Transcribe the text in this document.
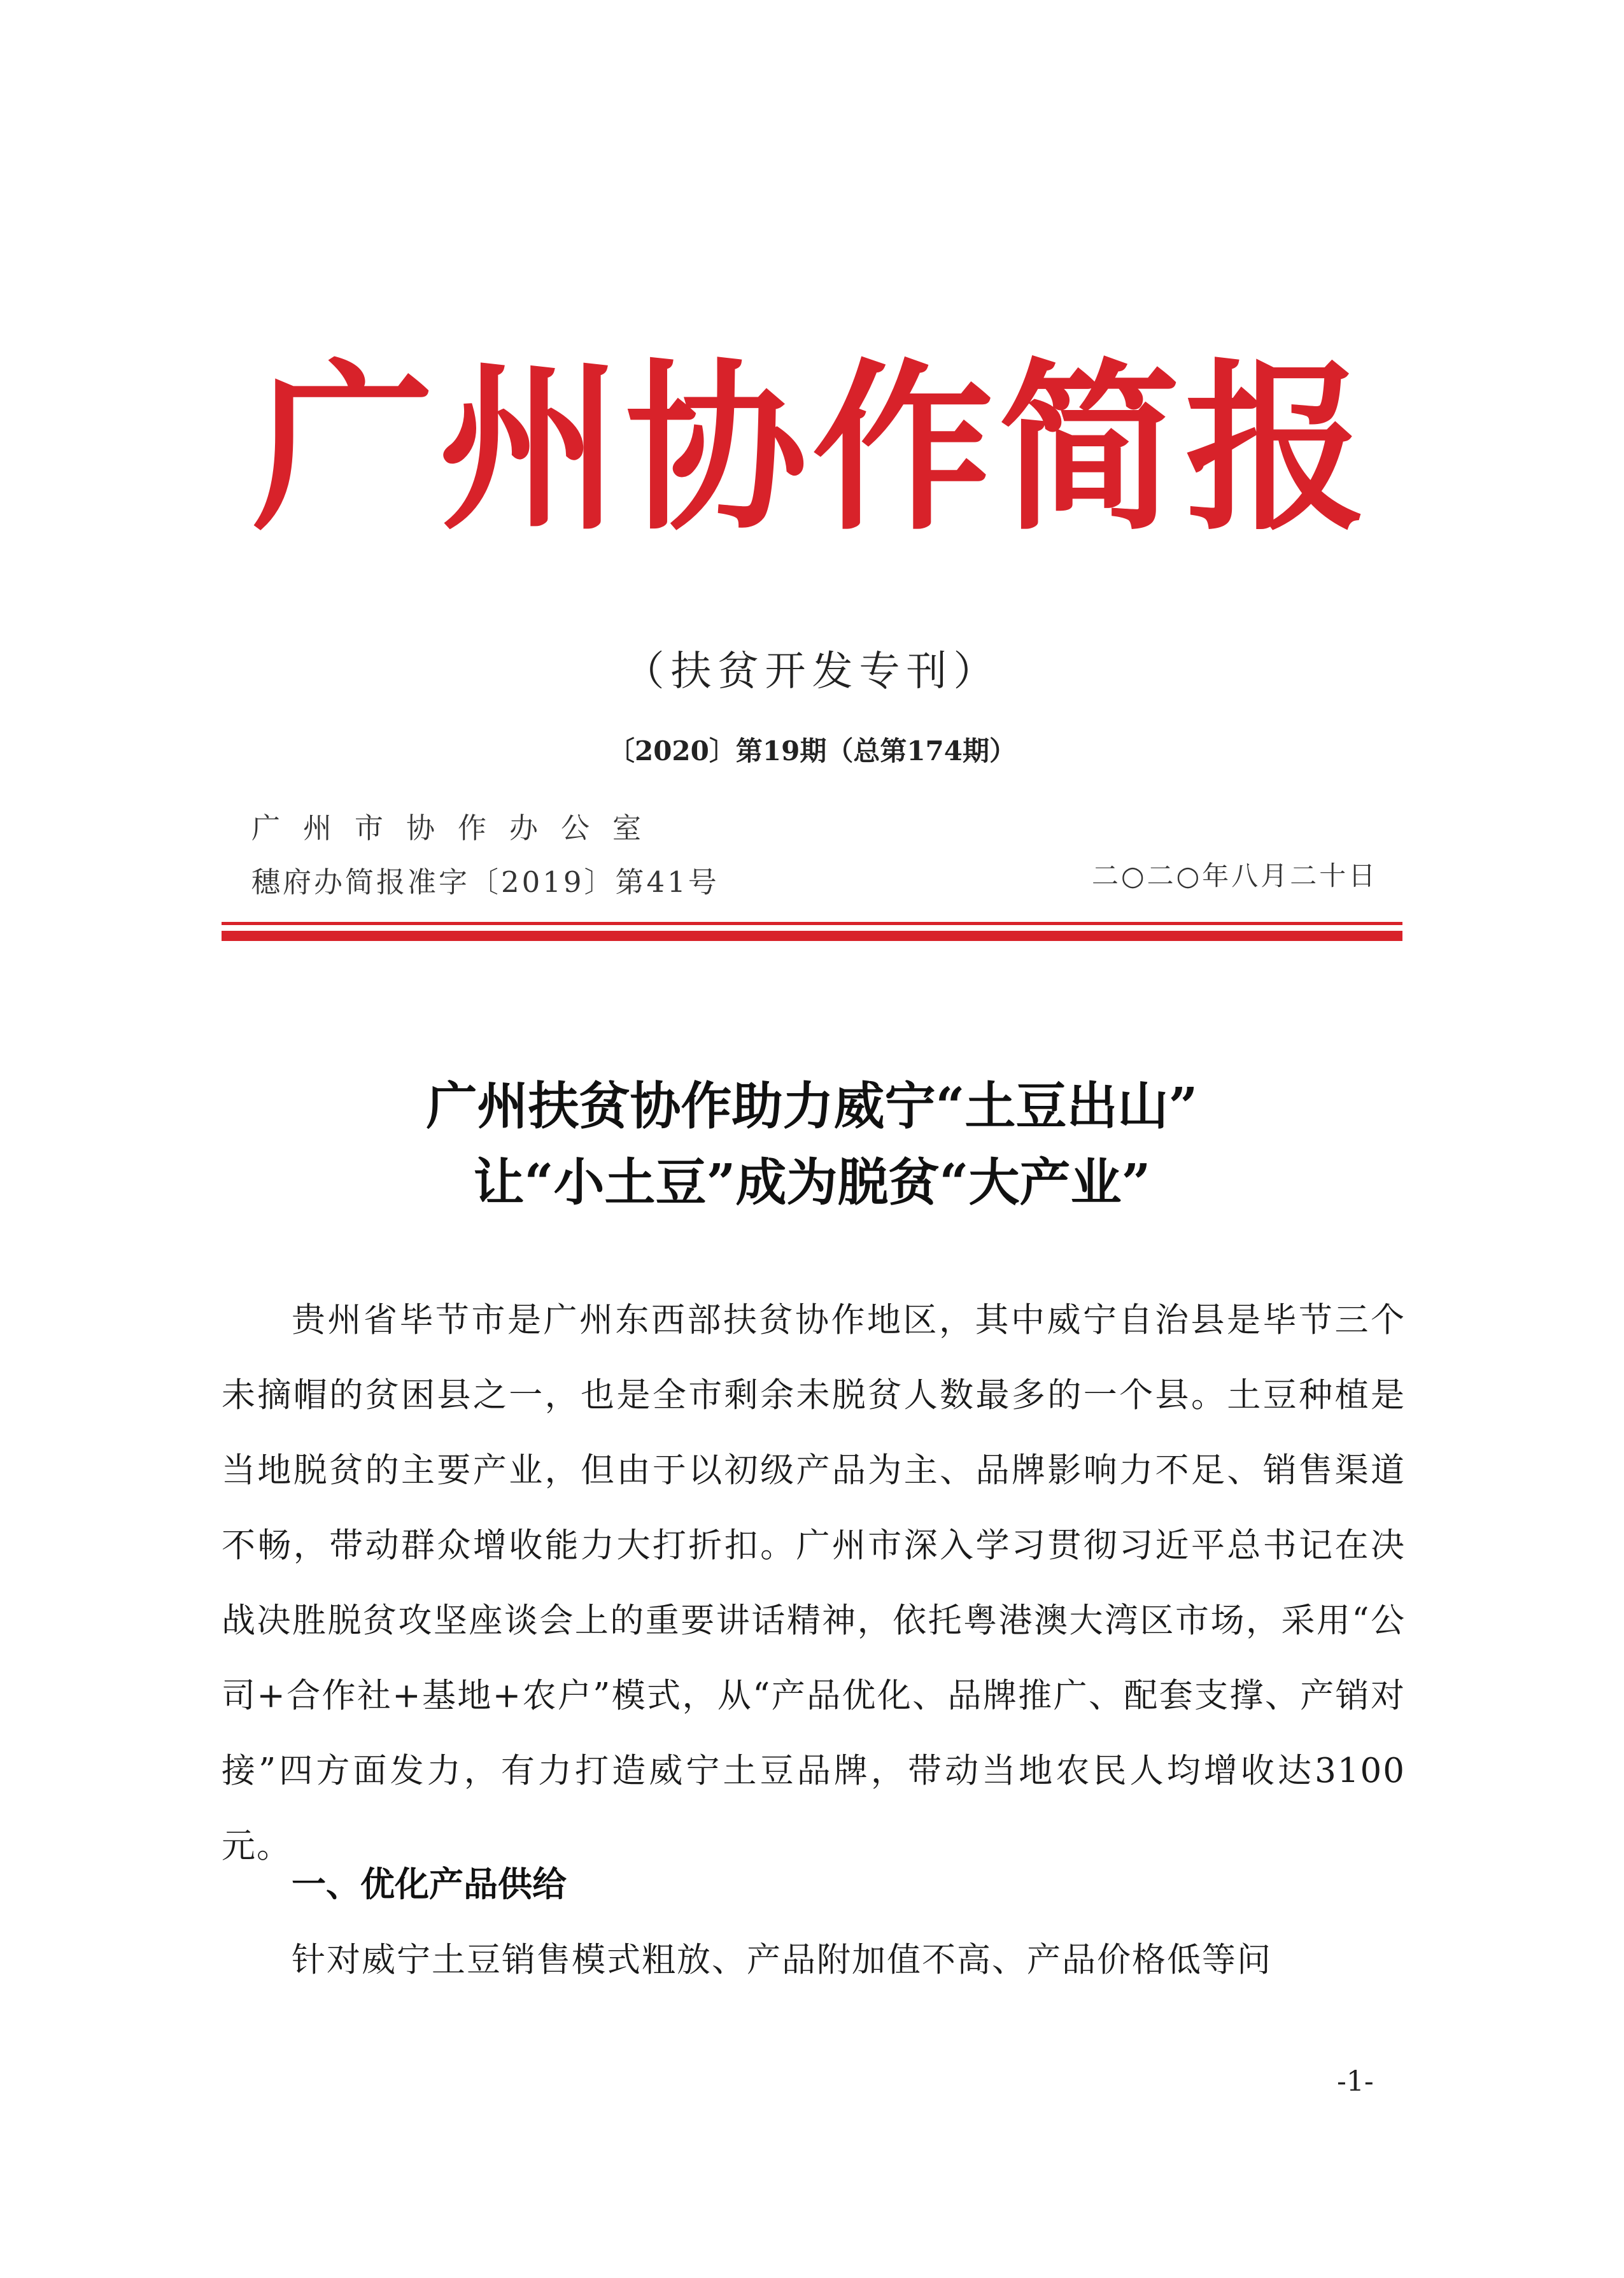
广州协作简报
（扶贫开发专刊）
〔2020〕第19期（总第174期）
广州市协作办公室
穗府办简报准字〔2019〕第41号	二○二○年八月二十日
广州扶贫协作助力威宁“土豆出山”
让“小土豆”成为脱贫“大产业”

贵州省毕节市是广州东西部扶贫协作地区，其中威宁自治县是毕节三个未摘帽的贫困县之一，也是全市剩余未脱贫人数最多的一个县。土豆种植是当地脱贫的主要产业，但由于以初级产品为主、品牌影响力不足、销售渠道不畅，带动群众增收能力大打折扣。广州市深入学习贯彻习近平总书记在决战决胜脱贫攻坚座谈会上的重要讲话精神，依托粤港澳大湾区市场，采用“公司+合作社+基地+农户”模式，从“产品优化、品牌推广、配套支撑、产销对接”四方面发力，有力打造威宁土豆品牌，带动当地农民人均增收达3100元。

一、优化产品供给
针对威宁土豆销售模式粗放、产品附加值不高、产品价格低等问
-1-
